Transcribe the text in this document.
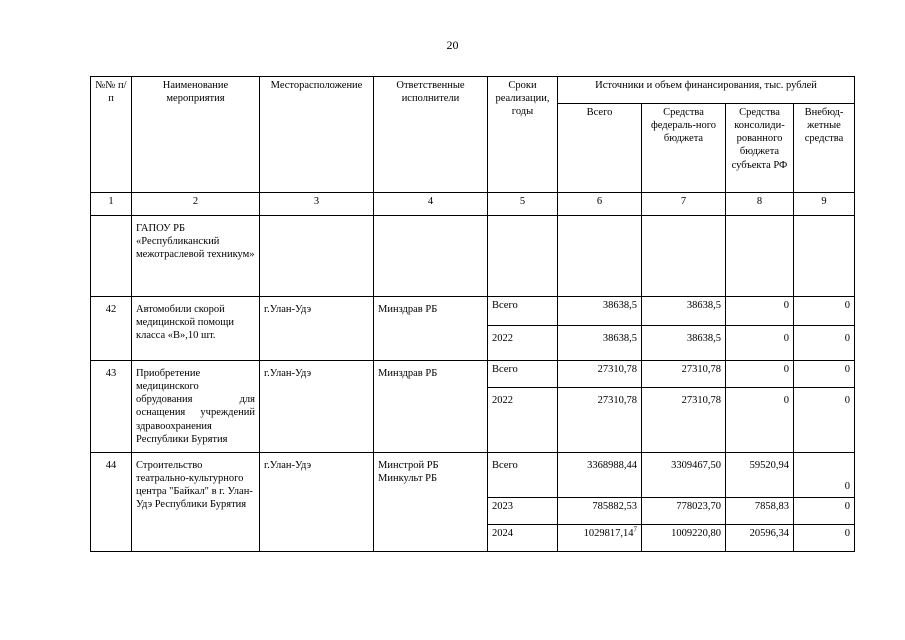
20
№№ п/п	Наименование мероприятия	Месторасположение	Ответственные исполнители	Сроки реализации, годы	Источники и объем финансирования, тыс. рублей			
					Всего	Средства федераль-ного бюджета	Средства консолиди-рованного бюджета субъекта РФ	Внебюд-жетные средства
1	2	3	4	5	6	7	8	9
	ГАПОУ РБ «Республиканский межотраслевой техникум»							
42	Автомобили скорой медицинской помощи класса «В»,10 шт.	г.Улан-Удэ	Минздрав РБ	Всего	38638,5	38638,5	0	0
				2022	38638,5	38638,5	0	0
43	Приобретение медицинского обрудования для оснащения учреждений здравоохранения Республики Бурятия	г.Улан-Удэ	Минздрав РБ	Всего	27310,78	27310,78	0	0
				2022	27310,78	27310,78	0	0
44	Строительство театрально-культурного центра "Байкал" в г. Улан-Удэ Республики Бурятия	г.Улан-Удэ	Минстрой РБ Минкульт РБ	Всего	3368988,44	3309467,50	59520,94	0
				2023	785882,53	778023,70	7858,83	0
				2024	1029817,14$^7$	1009220,80	20596,34	0
